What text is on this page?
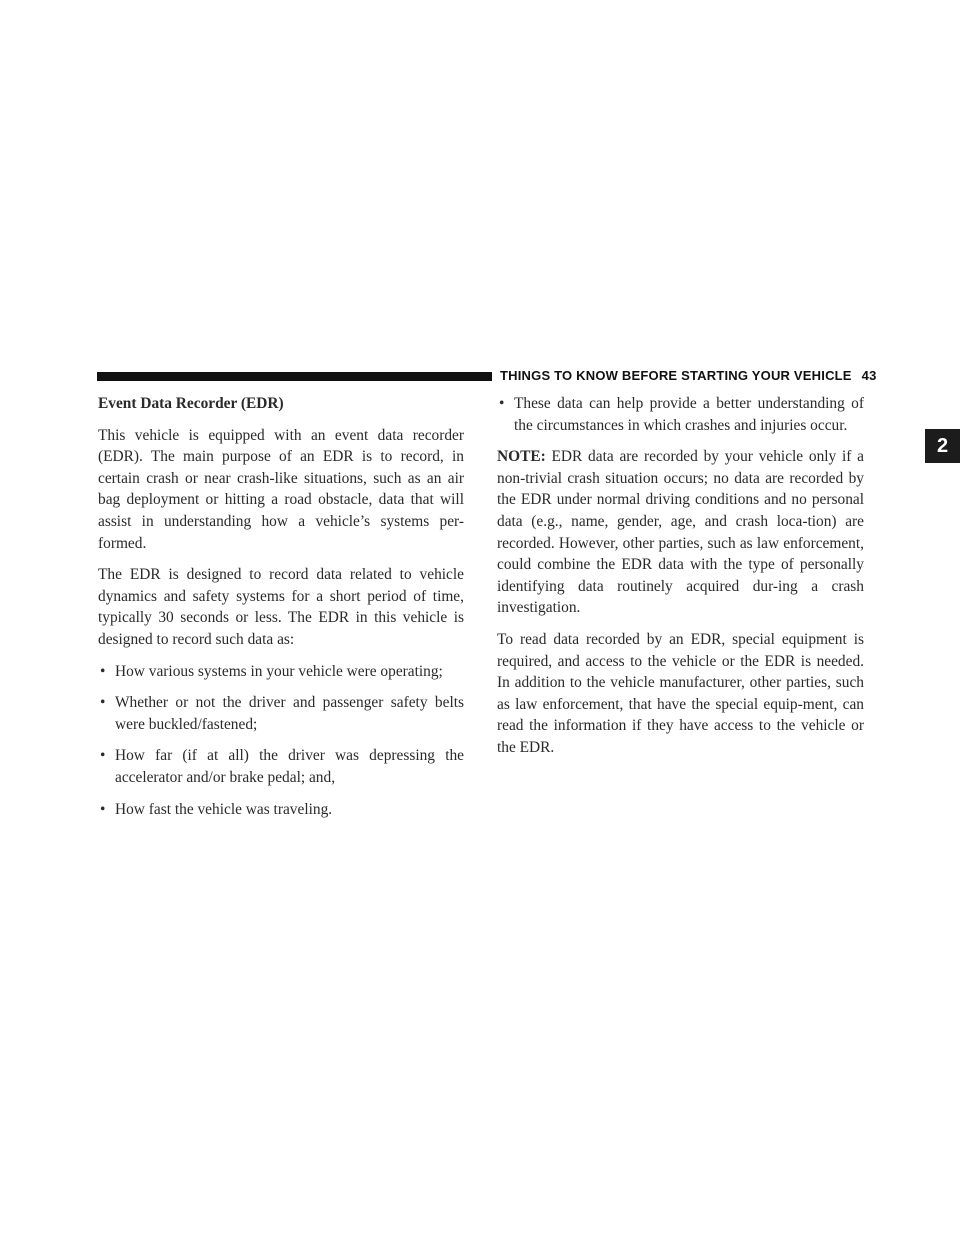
THINGS TO KNOW BEFORE STARTING YOUR VEHICLE 43
2
Event Data Recorder (EDR)

This vehicle is equipped with an event data recorder (EDR). The main purpose of an EDR is to record, in certain crash or near crash-like situations, such as an air bag deployment or hitting a road obstacle, data that will assist in understanding how a vehicle’s systems per-formed.

The EDR is designed to record data related to vehicle dynamics and safety systems for a short period of time, typically 30 seconds or less. The EDR in this vehicle is designed to record such data as:

• How various systems in your vehicle were operating;
• Whether or not the driver and passenger safety belts were buckled/fastened;
• How far (if at all) the driver was depressing the accelerator and/or brake pedal; and,
• How fast the vehicle was traveling.
• These data can help provide a better understanding of the circumstances in which crashes and injuries occur.

NOTE: EDR data are recorded by your vehicle only if a non-trivial crash situation occurs; no data are recorded by the EDR under normal driving conditions and no personal data (e.g., name, gender, age, and crash loca-tion) are recorded. However, other parties, such as law enforcement, could combine the EDR data with the type of personally identifying data routinely acquired dur-ing a crash investigation.

To read data recorded by an EDR, special equipment is required, and access to the vehicle or the EDR is needed. In addition to the vehicle manufacturer, other parties, such as law enforcement, that have the special equip-ment, can read the information if they have access to the vehicle or the EDR.
